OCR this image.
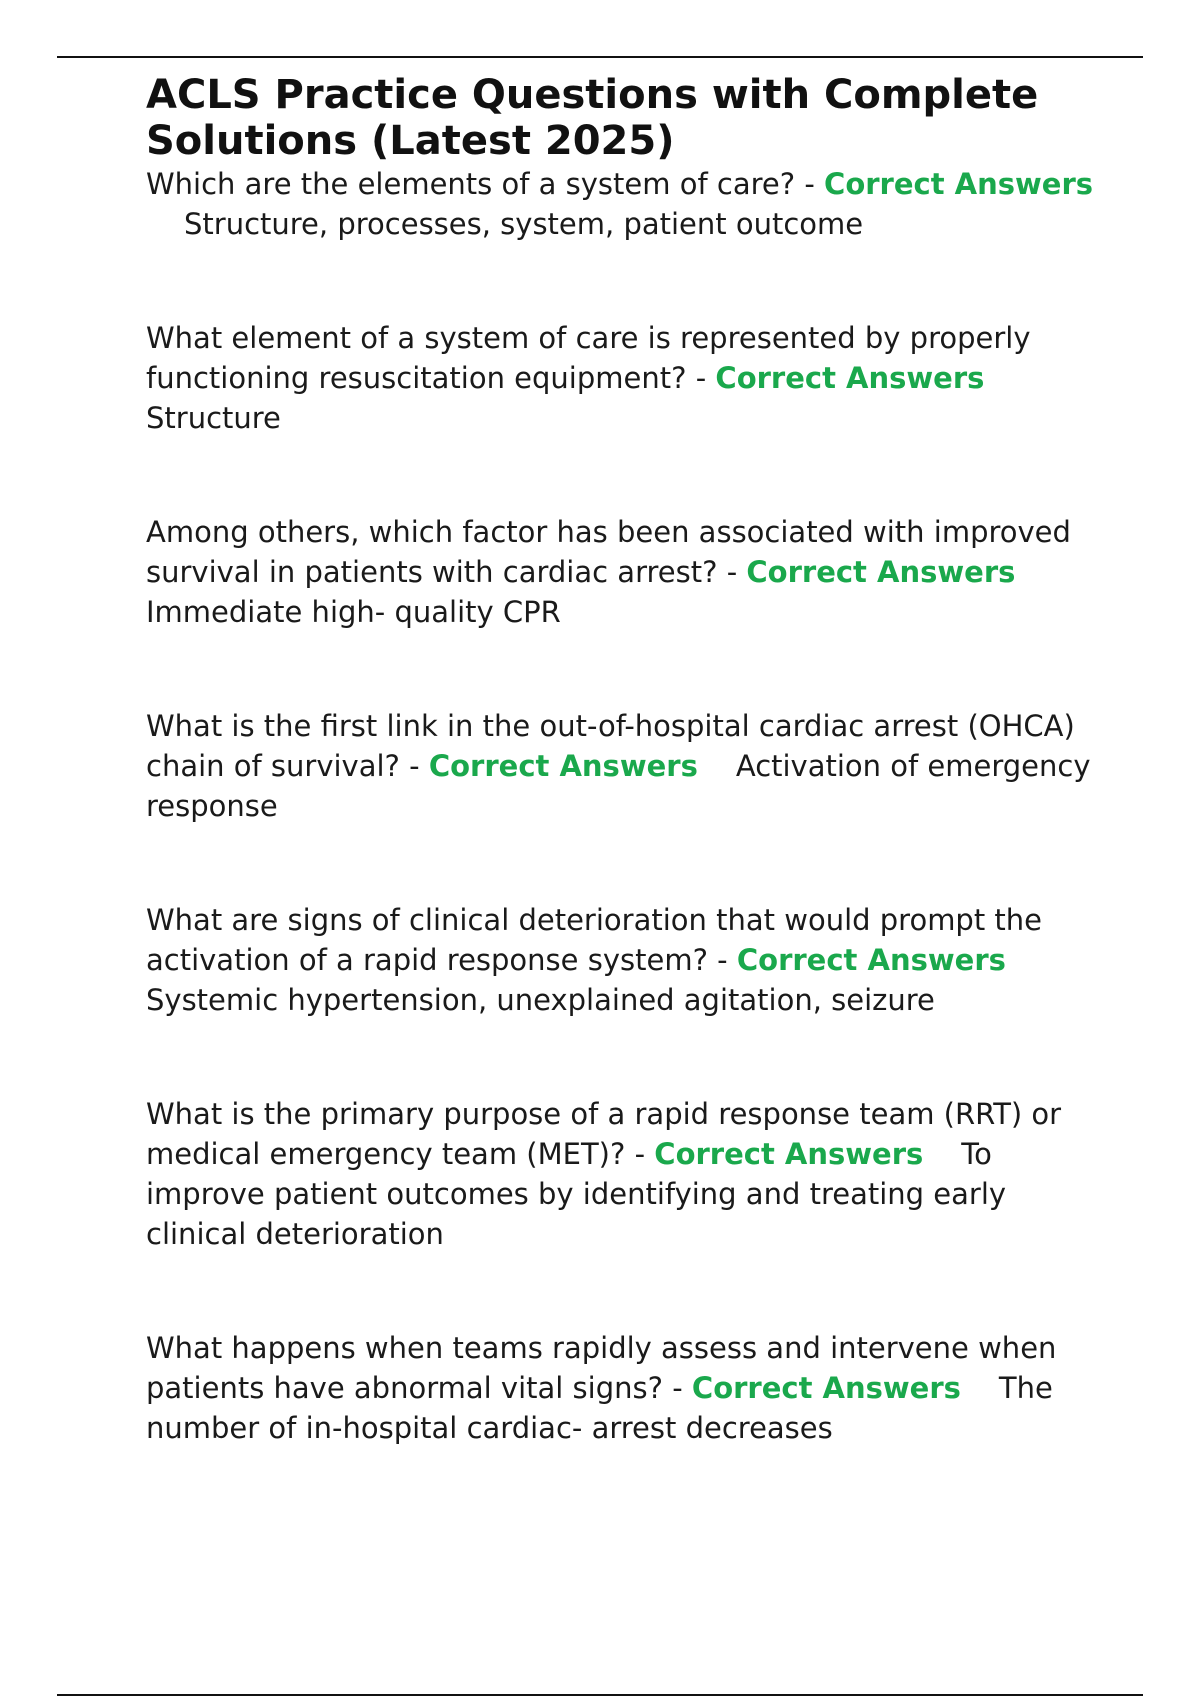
ACLS Practice Questions with Complete Solutions (Latest 2025)

Which are the elements of a system of care? - Correct AnswersStructure, processes, system, patient outcome

What element of a system of care is represented by properly functioning resuscitation equipment? - Correct AnswersStructure

Among others, which factor has been associated with improved survival in patients with cardiac arrest? - Correct AnswersImmediate high- quality CPR

What is the first link in the out-of-hospital cardiac arrest (OHCA) chain of survival? - Correct Answers Activation of emergency response

What are signs of clinical deterioration that would prompt the activation of a rapid response system? - Correct AnswersSystemic hypertension, unexplained agitation, seizure

What is the primary purpose of a rapid response team (RRT) or medical emergency team (MET)? - Correct Answers To improve patient outcomes by identifying and treating early clinical deterioration

What happens when teams rapidly assess and intervene when patients have abnormal vital signs? - Correct Answers The number of in-hospital cardiac- arrest decreases
